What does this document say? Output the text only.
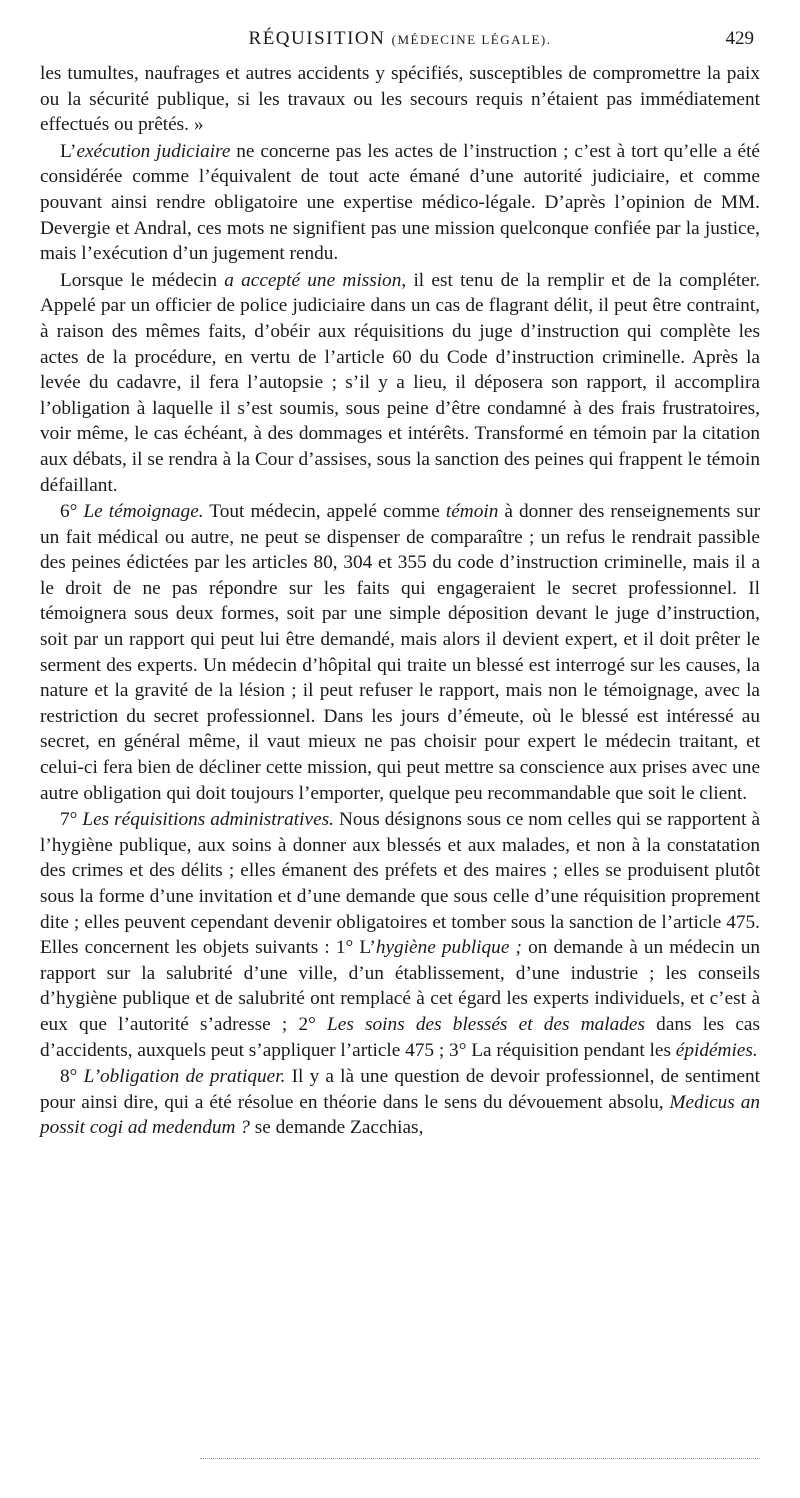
RÉQUISITION (MÉDECINE LÉGALE).	429

les tumultes, naufrages et autres accidents y spécifiés, susceptibles de compromettre la paix ou la sécurité publique, si les travaux ou les secours requis n’étaient pas immédiatement effectués ou prêtés. »

L’exécution judiciaire ne concerne pas les actes de l’instruction ; c’est à tort qu’elle a été considérée comme l’équivalent de tout acte émané d’une autorité judiciaire, et comme pouvant ainsi rendre obligatoire une expertise médico-légale. D’après l’opinion de MM. Devergie et Andral, ces mots ne signifient pas une mission quelconque confiée par la justice, mais l’exécution d’un jugement rendu.

Lorsque le médecin a accepté une mission, il est tenu de la remplir et de la compléter. Appelé par un officier de police judiciaire dans un cas de flagrant délit, il peut être contraint, à raison des mêmes faits, d’obéir aux réquisitions du juge d’instruction qui complète les actes de la procédure, en vertu de l’article 60 du Code d’instruction criminelle. Après la levée du cadavre, il fera l’autopsie ; s’il y a lieu, il déposera son rapport, il accomplira l’obligation à laquelle il s’est soumis, sous peine d’être condamné à des frais frustratoires, voir même, le cas échéant, à des dommages et intérêts. Transformé en témoin par la citation aux débats, il se rendra à la Cour d’assises, sous la sanction des peines qui frappent le témoin défaillant.

6° Le témoignage. Tout médecin, appelé comme témoin à donner des renseignements sur un fait médical ou autre, ne peut se dispenser de comparaître ; un refus le rendrait passible des peines édictées par les articles 80, 304 et 355 du code d’instruction criminelle, mais il a le droit de ne pas répondre sur les faits qui engageraient le secret professionnel. Il témoignera sous deux formes, soit par une simple déposition devant le juge d’instruction, soit par un rapport qui peut lui être demandé, mais alors il devient expert, et il doit prêter le serment des experts. Un médecin d’hôpital qui traite un blessé est interrogé sur les causes, la nature et la gravité de la lésion ; il peut refuser le rapport, mais non le témoignage, avec la restriction du secret professionnel. Dans les jours d’émeute, où le blessé est intéressé au secret, en général même, il vaut mieux ne pas choisir pour expert le médecin traitant, et celui-ci fera bien de décliner cette mission, qui peut mettre sa conscience aux prises avec une autre obligation qui doit toujours l’emporter, quelque peu recommandable que soit le client.

7° Les réquisitions administratives. Nous désignons sous ce nom celles qui se rapportent à l’hygiène publique, aux soins à donner aux blessés et aux malades, et non à la constatation des crimes et des délits ; elles émanent des préfets et des maires ; elles se produisent plutôt sous la forme d’une invitation et d’une demande que sous celle d’une réquisition proprement dite ; elles peuvent cependant devenir obligatoires et tomber sous la sanction de l’article 475. Elles concernent les objets suivants : 1° L’hygiène publique ; on demande à un médecin un rapport sur la salubrité d’une ville, d’un établissement, d’une industrie ; les conseils d’hygiène publique et de salubrité ont remplacé à cet égard les experts individuels, et c’est à eux que l’autorité s’adresse ; 2° Les soins des blessés et des malades dans les cas d’accidents, auxquels peut s’appliquer l’article 475 ; 3° La réquisition pendant les épidémies.

8° L’obligation de pratiquer. Il y a là une question de devoir professionnel, de sentiment pour ainsi dire, qui a été résolue en théorie dans le sens du dévouement absolu, Medicus an possit cogi ad medendum ? se demande Zacchias,
